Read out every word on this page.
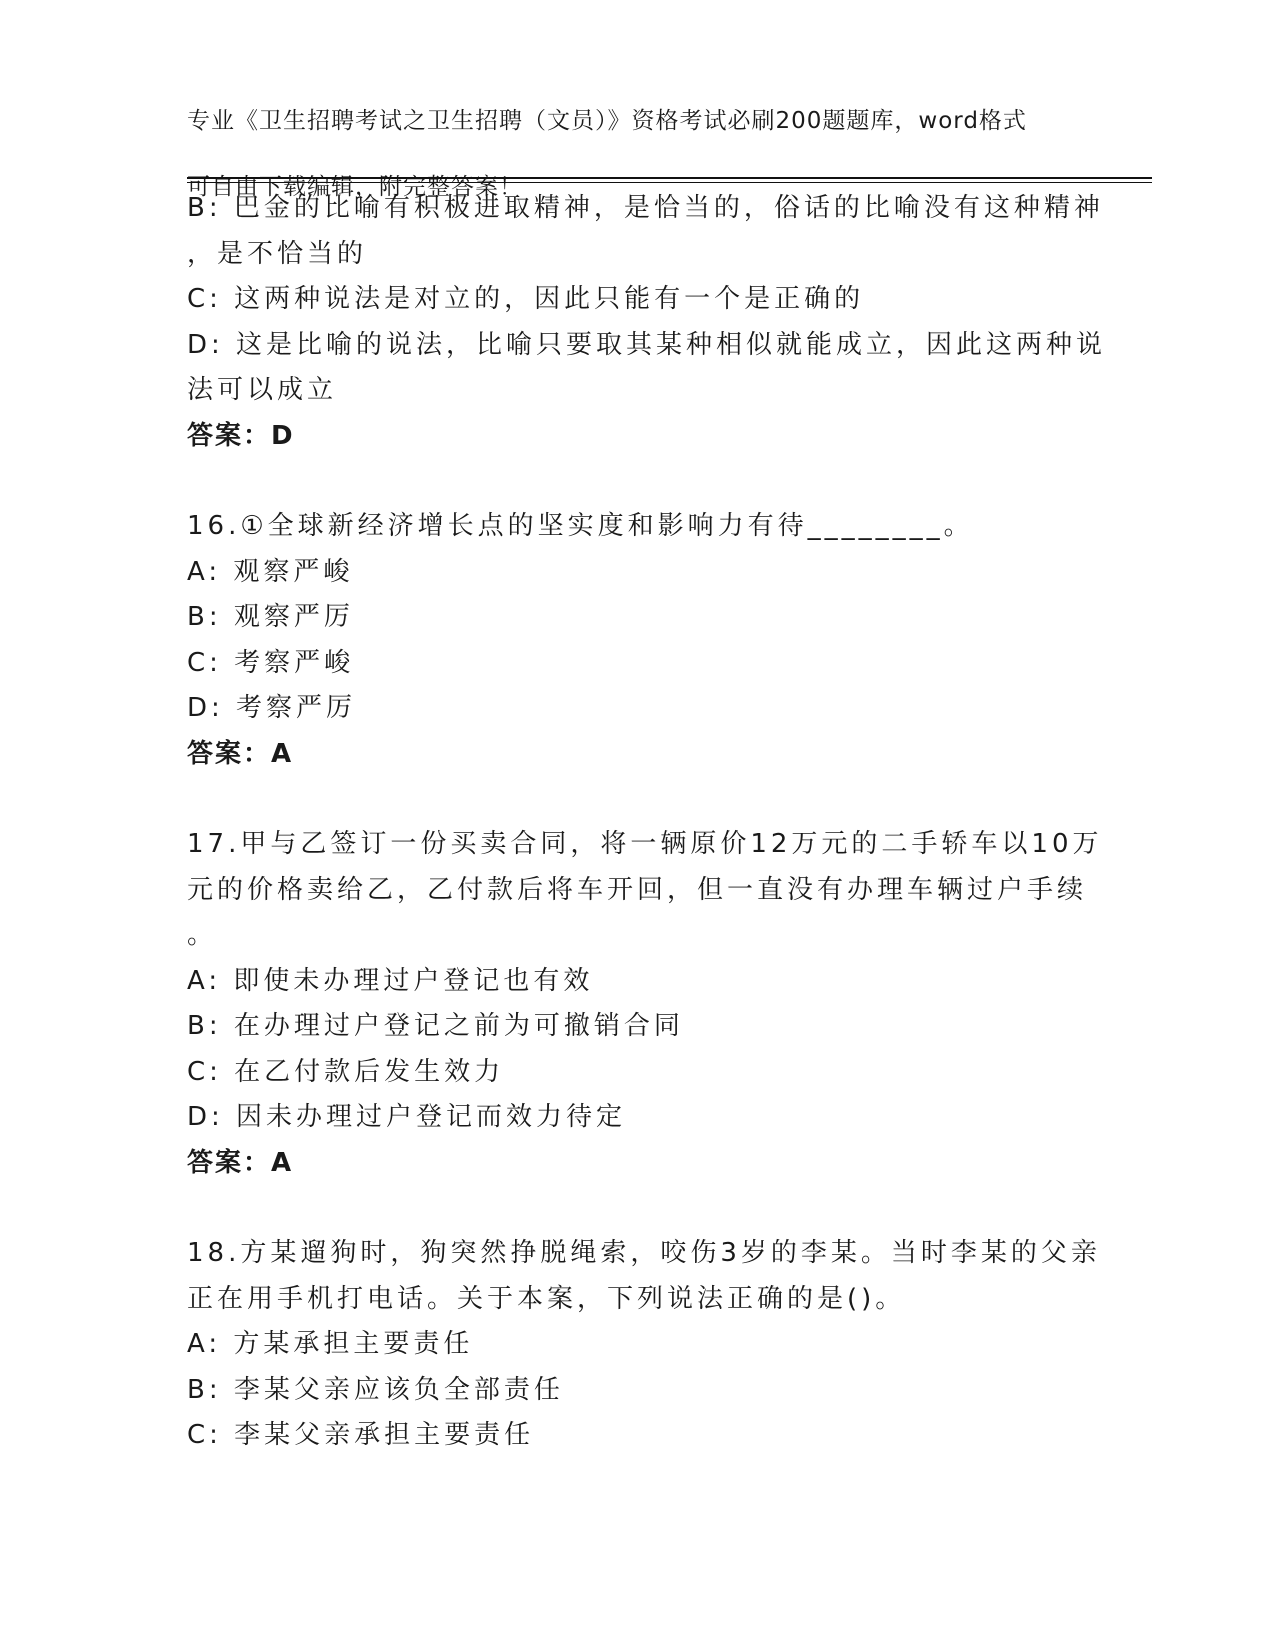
专业《卫生招聘考试之卫生招聘（文员）》资格考试必刷200题题库，word格式

可自由下载编辑，附完整答案！

B: 巴金的比喻有积极进取精神，是恰当的，俗话的比喻没有这种精神
，是不恰当的
C: 这两种说法是对立的，因此只能有一个是正确的
D: 这是比喻的说法，比喻只要取其某种相似就能成立，因此这两种说
法可以成立
答案：D
16.①全球新经济增长点的坚实度和影响力有待________。
A: 观察严峻
B: 观察严厉
C: 考察严峻
D: 考察严厉
答案：A
17.甲与乙签订一份买卖合同，将一辆原价12万元的二手轿车以10万
元的价格卖给乙，乙付款后将车开回，但一直没有办理车辆过户手续
。
A: 即使未办理过户登记也有效
B: 在办理过户登记之前为可撤销合同
C: 在乙付款后发生效力
D: 因未办理过户登记而效力待定
答案：A
18.方某遛狗时，狗突然挣脱绳索，咬伤3岁的李某。当时李某的父亲
正在用手机打电话。关于本案，下列说法正确的是()。
A: 方某承担主要责任
B: 李某父亲应该负全部责任
C: 李某父亲承担主要责任
